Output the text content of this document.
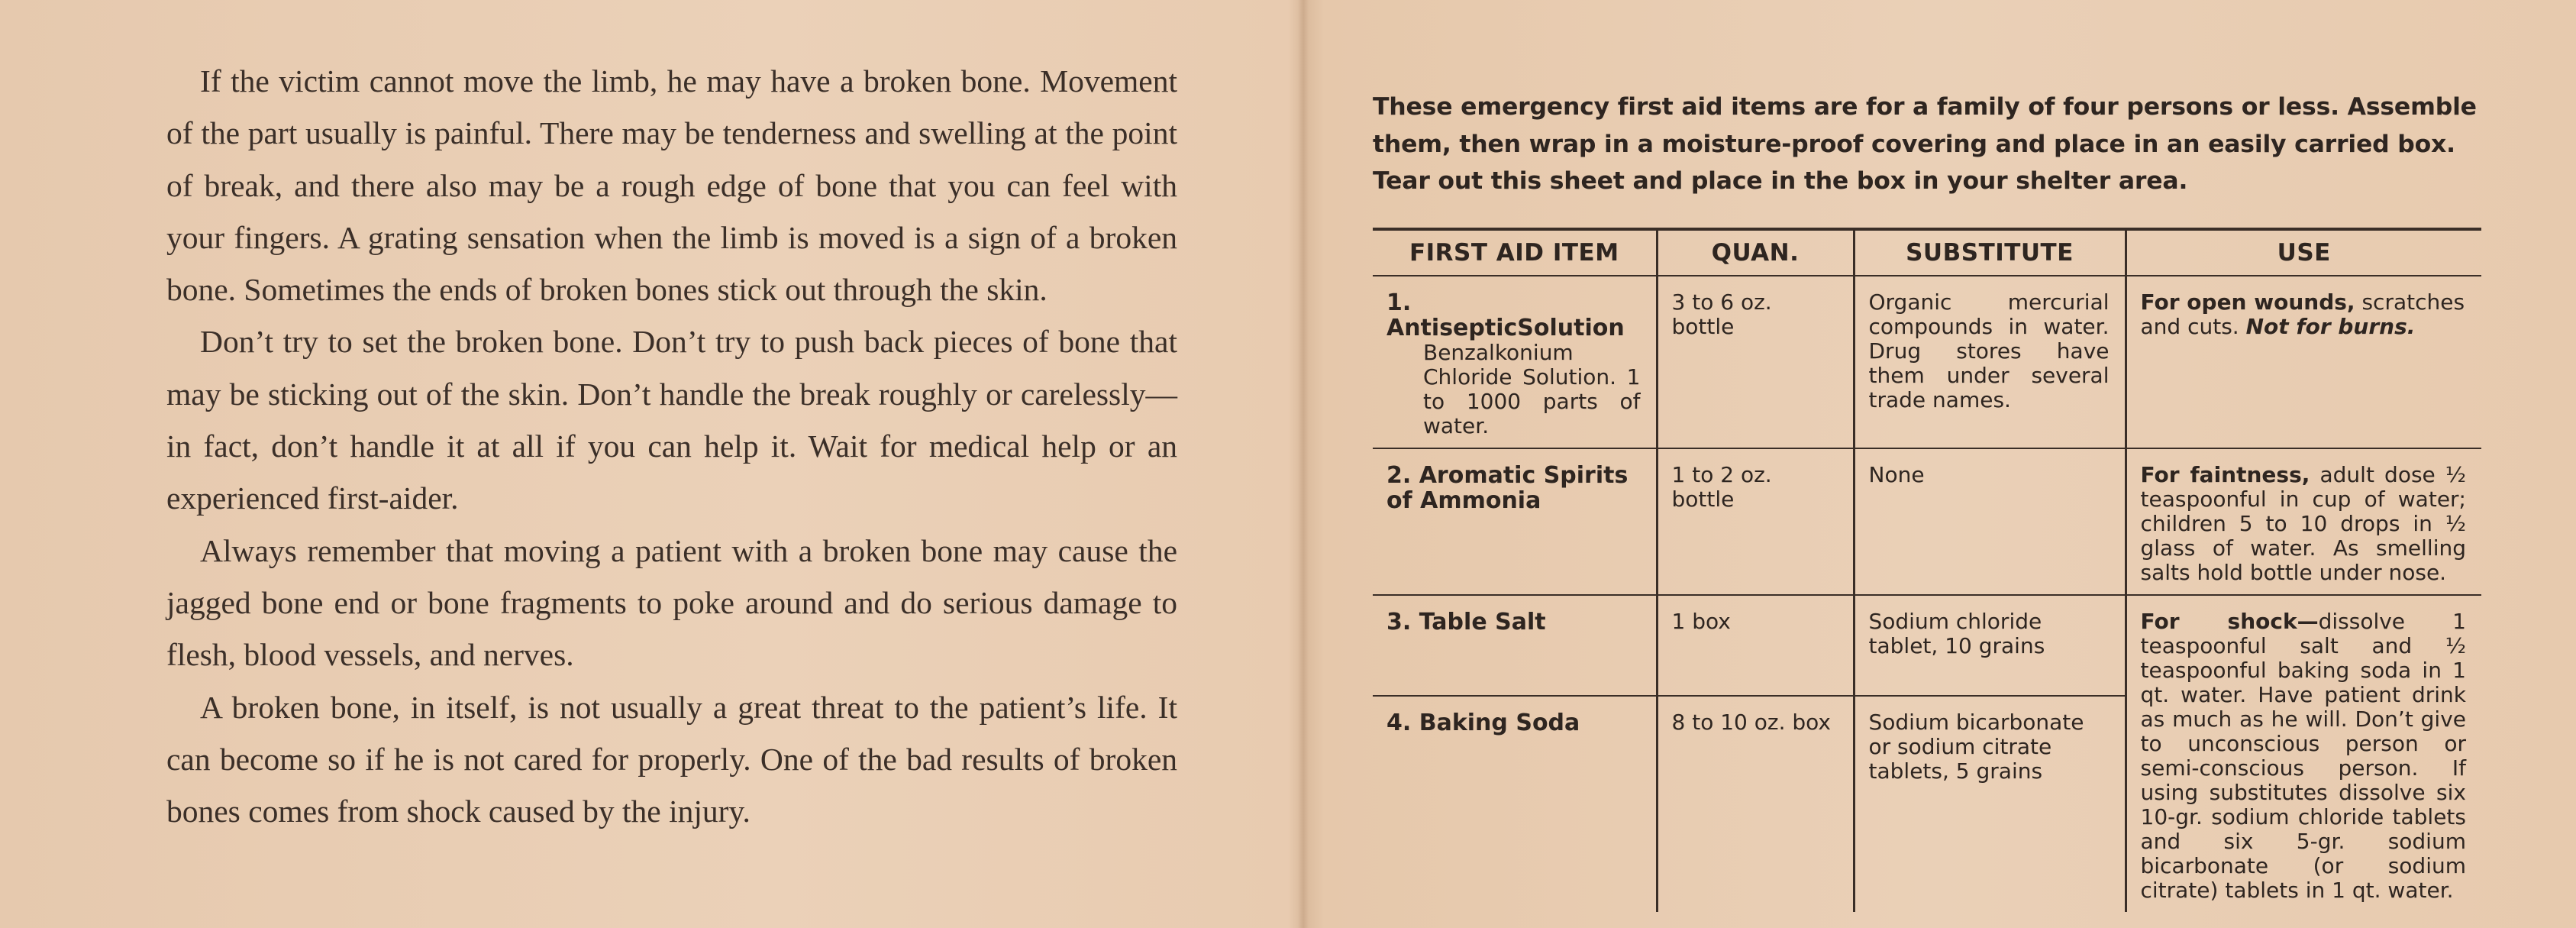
If the victim cannot move the limb, he may have a broken bone. Movement of the part usually is painful. There may be tenderness and swelling at the point of break, and there also may be a rough edge of bone that you can feel with your fingers. A grating sensation when the limb is moved is a sign of a broken bone. Sometimes the ends of broken bones stick out through the skin.

Don’t try to set the broken bone. Don’t try to push back pieces of bone that may be sticking out of the skin. Don’t handle the break roughly or carelessly—in fact, don’t handle it at all if you can help it. Wait for medical help or an experienced first-aider.

Always remember that moving a patient with a broken bone may cause the jagged bone end or bone fragments to poke around and do serious damage to flesh, blood vessels, and nerves.

A broken bone, in itself, is not usually a great threat to the patient’s life. It can become so if he is not cared for properly. One of the bad results of broken bones comes from shock caused by the injury.

These emergency first aid items are for a family of four persons or less. Assemble
them, then wrap in a moisture-proof covering and place in an easily carried box.
Tear out this sheet and place in the box in your shelter area.
FIRST AID ITEM	QUAN.	SUBSTITUTE	USE

1. AntisepticSolution
Benzalkonium Chloride Solution. 1 to 1000 parts of water.	3 to 6 oz. bottle	Organic mercurial compounds in water. Drug stores have them under several trade names.	For open wounds, scratches and cuts. Not for burns.

2. Aromatic Spirits of Ammonia	1 to 2 oz. bottle	None	For faintness, adult dose ½ teaspoonful in cup of water; children 5 to 10 drops in ½ glass of water. As smelling salts hold bottle under nose.

3. Table Salt	1 box	Sodium chloride tablet, 10 grains	For shock—dissolve 1 teaspoonful salt and ½ teaspoonful baking soda in 1 qt. water. Have patient drink as much as he will. Don’t give to unconscious person or semi-conscious person. If using substitutes dissolve six 10-gr. sodium chloride tablets and six 5-gr. sodium bicarbonate (or sodium citrate) tablets in 1 qt. water.

4. Baking Soda	8 to 10 oz. box	Sodium bicarbonate or sodium citrate tablets, 5 grains	
